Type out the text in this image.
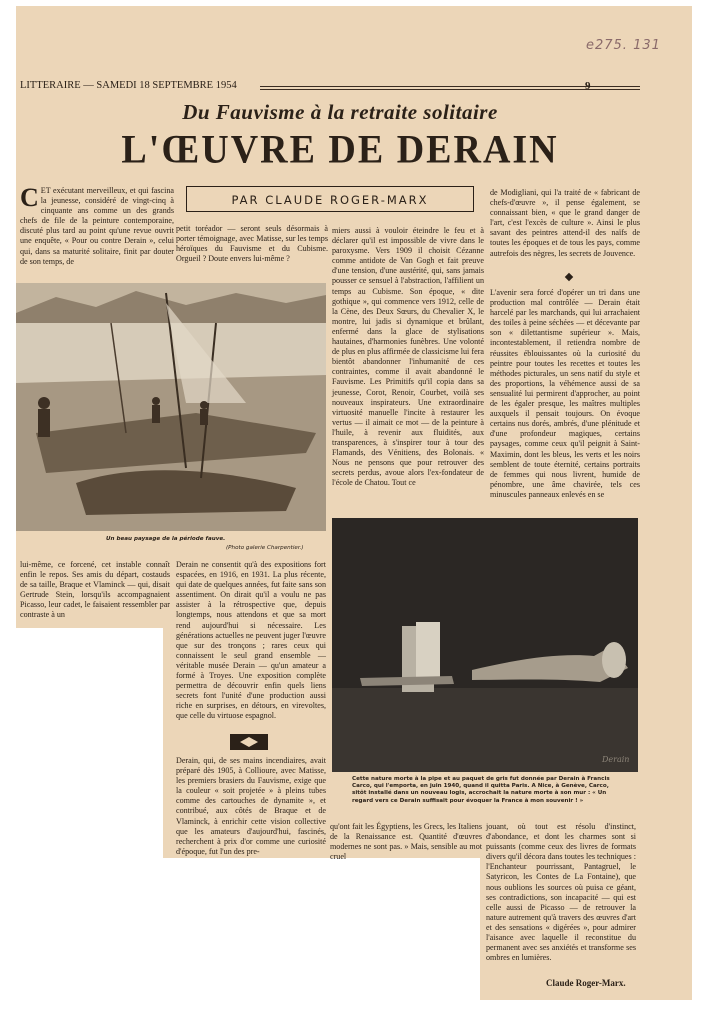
e275. 131
LITTERAIRE — SAMEDI 18 SEPTEMBRE 1954	9
Du Fauvisme à la retraite solitaire
L'ŒUVRE DE DERAIN
PAR CLAUDE ROGER-MARX
CET exécutant merveilleux, et qui fascina la jeunesse, considéré de vingt-cinq à cinquante ans comme un des grands chefs de file de la peinture contemporaine, discuté plus tard au point qu'une revue ouvrit une enquête, « Pour ou contre Derain », celui qui, dans sa maturité solitaire, finit par douter de son temps, de
petit toréador — seront seuls désormais à porter témoignage, avec Matisse, sur les temps héroïques du Fauvisme et du Cubisme. Orgueil ? Doute envers lui-même ?
miers aussi à vouloir éteindre le feu et à déclarer qu'il est impossible de vivre dans le paroxysme. Vers 1909 il choisit Cézanne comme antidote de Van Gogh et fait preuve d'une tension, d'une austérité, qui, sans jamais pousser ce sensuel à l'abstraction, l'affilient un temps au Cubisme. Son époque, « dite gothique », qui commence vers 1912, celle de la Cène, des Deux Sœurs, du Chevalier X, le montre, lui jadis si dynamique et brûlant, enfermé dans la glace de stylisations hautaines, d'harmonies funèbres. Une volonté de plus en plus affirmée de classicisme lui fera bientôt abandonner l'inhumanité de ces contraintes, comme il avait abandonné le Fauvisme. Les Primitifs qu'il copia dans sa jeunesse, Corot, Renoir, Courbet, voilà ses nouveaux inspirateurs. Une extraordinaire virtuosité manuelle l'incite à restaurer les vertus — il aimait ce mot — de la peinture à l'huile, à revenir aux fluidités, aux transparences, à s'inspirer tour à tour des Flamands, des Vénitiens, des Bolonais. « Nous ne pensons que pour retrouver des secrets perdus, avoue alors l'ex-fondateur de l'école de Chatou. Tout ce
de Modigliani, qui l'a traité de « fabricant de chefs-d'œuvre », il pense également, se connaissant bien, « que le grand danger de l'art, c'est l'excès de culture ». Ainsi le plus savant des peintres attend-il des naïfs de toutes les époques et de tous les pays, comme autrefois des nègres, les secrets de Jouvence.
L'avenir sera forcé d'opérer un tri dans une production mal contrôlée — Derain était harcelé par les marchands, qui lui arrachaient des toiles à peine séchées — et décevante par son « dilettantisme supérieur ». Mais, incontestablement, il retiendra nombre de réussites éblouissantes où la curiosité du peintre pour toutes les recettes et toutes les méthodes picturales, un sens natif du style et des proportions, la véhémence aussi de sa sensualité lui permirent d'approcher, au point de les égaler presque, les maîtres multiples auxquels il pensait toujours. On évoque certains nus dorés, ambrés, d'une plénitude et d'une profondeur magiques, certains paysages, comme ceux qu'il peignit à Saint-Maximin, dont les bleus, les verts et les noirs semblent de toute éternité, certains portraits de femmes qui nous livrent, humide de pénombre, une âme chavirée, tels ces minuscules panneaux enlevés en se
Un beau paysage de la période fauve.
(Photo galerie Charpentier.)
lui-même, ce forcené, cet instable connaît enfin le repos. Ses amis du départ, costauds de sa taille, Braque et Vlaminck — qui, disait Gertrude Stein, lorsqu'ils accompagnaient Picasso, leur cadet, le faisaient ressembler par contraste à un
Derain ne consentit qu'à des expositions fort espacées, en 1916, en 1931. La plus récente, qui date de quelques années, fut faite sans son assentiment. On dirait qu'il a voulu ne pas assister à la rétrospective que, depuis longtemps, nous attendons et que sa mort rend aujourd'hui si nécessaire. Les générations actuelles ne peuvent juger l'œuvre que sur des tronçons ; rares ceux qui connaissent le seul grand ensemble — véritable musée Derain — qu'un amateur a formé à Troyes. Une exposition complète permettra de découvrir enfin quels liens secrets font l'unité d'une production aussi riche en surprises, en détours, en virevoltes, que celle du virtuose espagnol.
Derain, qui, de ses mains incendiaires, avait préparé dès 1905, à Collioure, avec Matisse, les premiers brasiers du Fauvisme, exige que la couleur « soit projetée » à pleins tubes comme des cartouches de dynamite », et contribué, aux côtés de Braque et de Vlaminck, à enrichir cette vision collective que les amateurs d'aujourd'hui, fascinés, recherchent à prix d'or comme une curiosité d'époque, fut l'un des pre-
Derain
Cette nature morte à la pipe et au paquet de gris fut donnée par Derain à Francis Carco, qui l'emporta, en juin 1940, quand il quitta Paris. A Nice, à Genève, Carco, sitôt installé dans un nouveau logis, accrochait la nature morte à son mur : « Un regard vers ce Derain suffisait pour évoquer la France à mon souvenir ! »
qu'ont fait les Égyptiens, les Grecs, les Italiens de la Renaissance est. Quantité d'œuvres modernes ne sont pas. » Mais, sensible au mot cruel
jouant, où tout est résolu d'instinct, d'abondance, et dont les charmes sont si puissants (comme ceux des livres de formats divers qu'il décora dans toutes les techniques : l'Enchanteur pourrissant, Pantagruel, le Satyricon, les Contes de La Fontaine), que nous oublions les sources où puisa ce géant, ses contradictions, son incapacité — qui est celle aussi de Picasso — de retrouver la nature autrement qu'à travers des œuvres d'art et des sensations « digérées », pour admirer l'aisance avec laquelle il reconstitue du permanent avec ses anxiétés et transforme ses ombres en lumières.
Claude Roger-Marx.
